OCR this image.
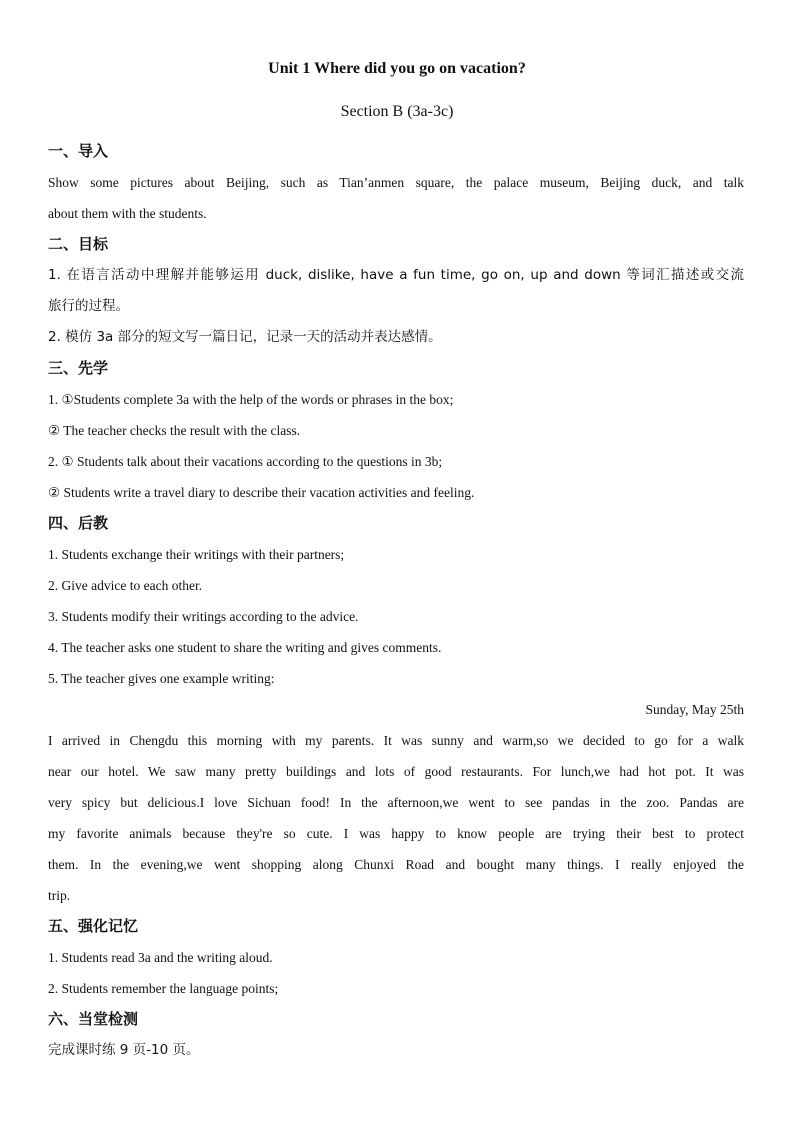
Unit 1 Where did you go on vacation?
Section B (3a-3c)
一、导入
Show some pictures about Beijing, such as Tian’anmen square, the palace museum, Beijing duck, and talk
about them with the students.
二、目标
1. 在语言活动中理解并能够运用 duck, dislike, have a fun time, go on, up and down 等词汇描述或交流
旅行的过程。
2. 模仿 3a 部分的短文写一篇日记，记录一天的活动并表达感情。
三、先学
1. ①Students complete 3a with the help of the words or phrases in the box;
② The teacher checks the result with the class.
2. ① Students talk about their vacations according to the questions in 3b;
② Students write a travel diary to describe their vacation activities and feeling.
四、后教
1. Students exchange their writings with their partners;
2. Give advice to each other.
3. Students modify their writings according to the advice.
4. The teacher asks one student to share the writing and gives comments.
5. The teacher gives one example writing:
Sunday, May 25th
I arrived in Chengdu this morning with my parents. It was sunny and warm,so we decided to go for a walk
near our hotel. We saw many pretty buildings and lots of good restaurants. For lunch,we had hot pot. It was
very spicy but delicious.I love Sichuan food! In the afternoon,we went to see pandas in the zoo. Pandas are
my favorite animals because they're so cute. I was happy to know people are trying their best to protect
them. In the evening,we went shopping along Chunxi Road and bought many things. I really enjoyed the
trip.
五、强化记忆
1. Students read 3a and the writing aloud.
2. Students remember the language points;
六、当堂检测
完成课时练 9 页-10 页。
